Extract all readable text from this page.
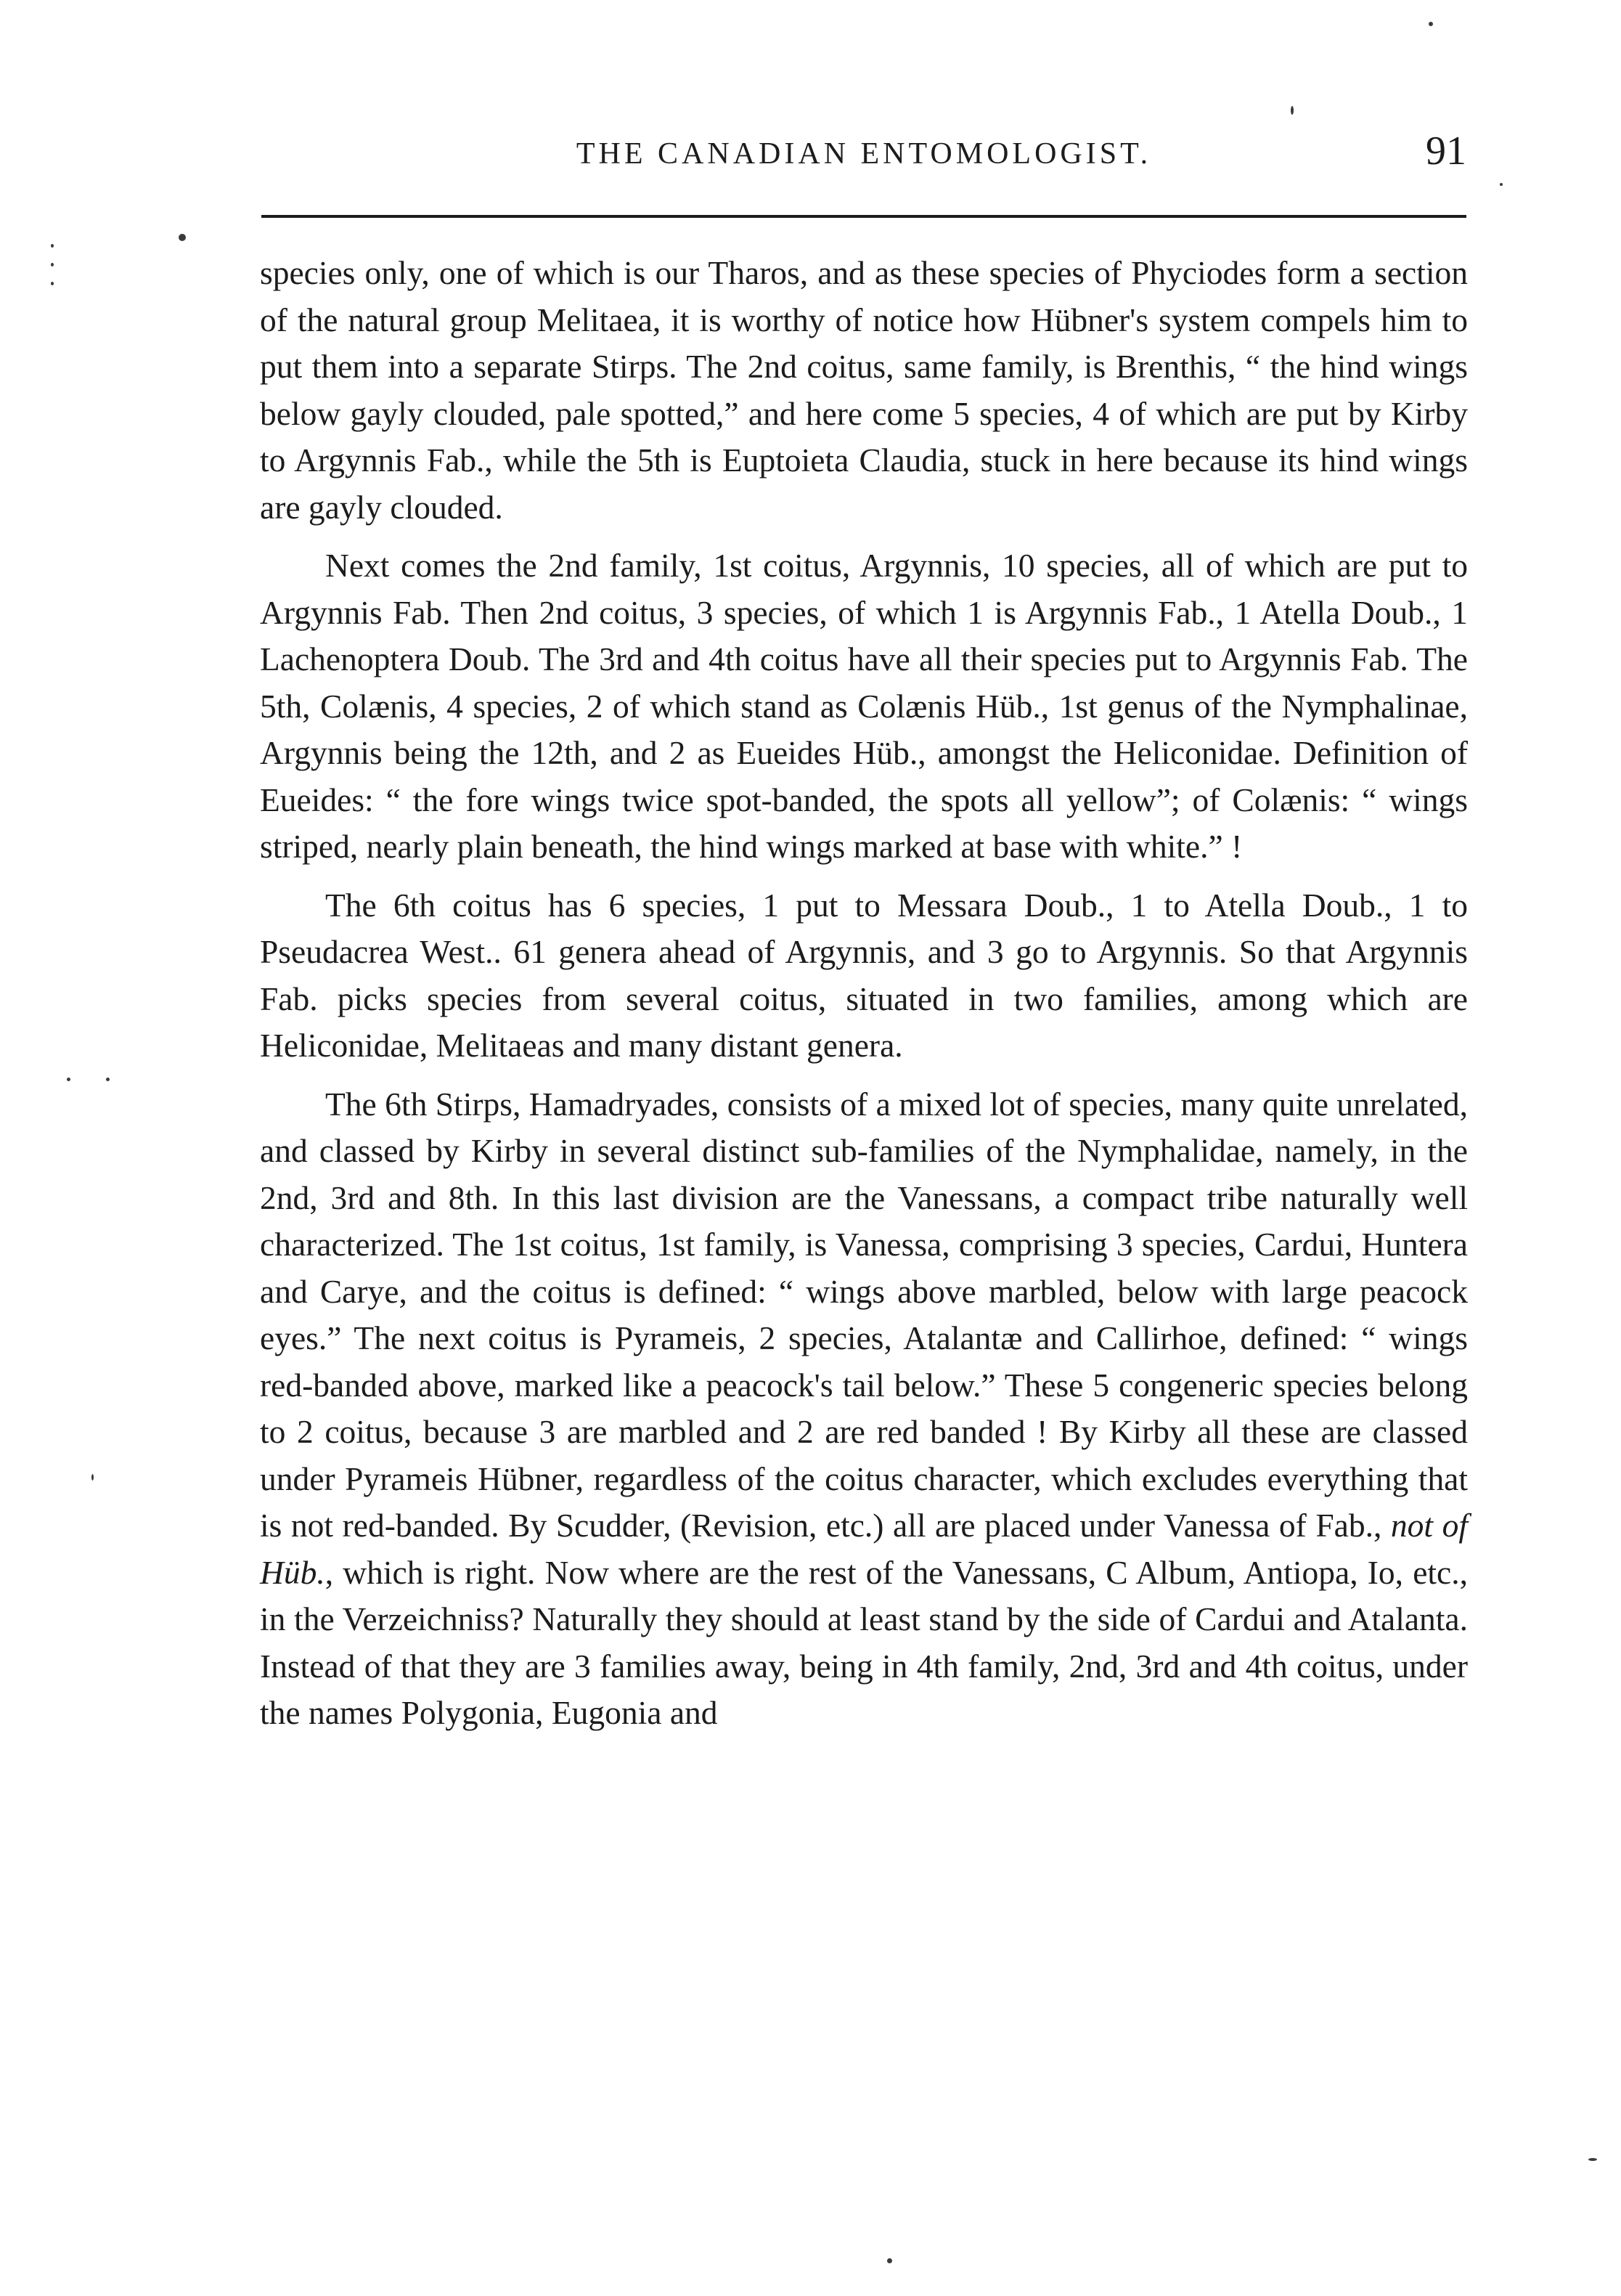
THE CANADIAN ENTOMOLOGIST.	91

species only, one of which is our Tharos, and as these species of Phyciodes form a section of the natural group Melitaea, it is worthy of notice how Hübner's system compels him to put them into a separate Stirps. The 2nd coitus, same family, is Brenthis, “ the hind wings below gayly clouded, pale spotted,” and here come 5 species, 4 of which are put by Kirby to Argynnis Fab., while the 5th is Euptoieta Claudia, stuck in here because its hind wings are gayly clouded.

Next comes the 2nd family, 1st coitus, Argynnis, 10 species, all of which are put to Argynnis Fab. Then 2nd coitus, 3 species, of which 1 is Argynnis Fab., 1 Atella Doub., 1 Lachenoptera Doub. The 3rd and 4th coitus have all their species put to Argynnis Fab. The 5th, Colænis, 4 species, 2 of which stand as Colænis Hüb., 1st genus of the Nymphalinae, Argynnis being the 12th, and 2 as Eueides Hüb., amongst the Heliconidae. Definition of Eueides: “ the fore wings twice spot-banded, the spots all yellow”; of Colænis: “ wings striped, nearly plain beneath, the hind wings marked at base with white.” !

The 6th coitus has 6 species, 1 put to Messara Doub., 1 to Atella Doub., 1 to Pseudacrea West.. 61 genera ahead of Argynnis, and 3 go to Argynnis. So that Argynnis Fab. picks species from several coitus, situated in two families, among which are Heliconidae, Melitaeas and many distant genera.

The 6th Stirps, Hamadryades, consists of a mixed lot of species, many quite unrelated, and classed by Kirby in several distinct sub-families of the Nymphalidae, namely, in the 2nd, 3rd and 8th. In this last division are the Vanessans, a compact tribe naturally well characterized. The 1st coitus, 1st family, is Vanessa, comprising 3 species, Cardui, Huntera and Carye, and the coitus is defined: “ wings above marbled, below with large peacock eyes.” The next coitus is Pyrameis, 2 species, Atalantæ and Callirhoe, defined: “ wings red-banded above, marked like a peacock's tail below.” These 5 congeneric species belong to 2 coitus, because 3 are marbled and 2 are red banded ! By Kirby all these are classed under Pyrameis Hübner, regardless of the coitus character, which excludes everything that is not red-banded. By Scudder, (Revision, etc.) all are placed under Vanessa of Fab., not of Hüb., which is right. Now where are the rest of the Vanessans, C Album, Antiopa, Io, etc., in the Verzeichniss? Naturally they should at least stand by the side of Cardui and Atalanta. Instead of that they are 3 families away, being in 4th family, 2nd, 3rd and 4th coitus, under the names Polygonia, Eugonia and
